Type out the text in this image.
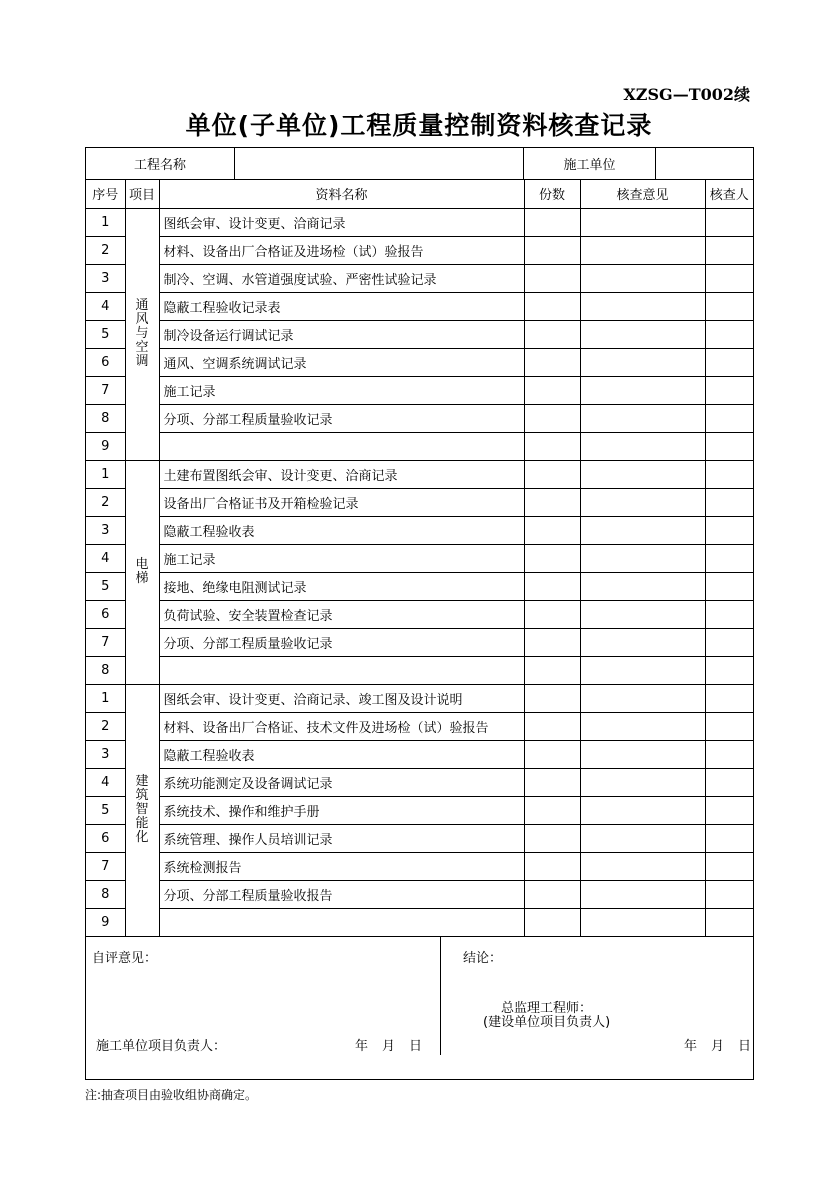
XZSG—T002续
单位(子单位)工程质量控制资料核查记录
工程名称	施工单位
序号	项目	资料名称	份数	核查意见	核查人
1	通风与空调	图纸会审、设计变更、洽商记录			
2		材料、设备出厂合格证及进场检（试）验报告			
3		制冷、空调、水管道强度试验、严密性试验记录			
4		隐蔽工程验收记录表			
5		制冷设备运行调试记录			
6		通风、空调系统调试记录			
7		施工记录			
8		分项、分部工程质量验收记录			
9					
1	电梯	土建布置图纸会审、设计变更、洽商记录			
2		设备出厂合格证书及开箱检验记录			
3		隐蔽工程验收表			
4		施工记录			
5		接地、绝缘电阻测试记录			
6		负荷试验、安全装置检查记录			
7		分项、分部工程质量验收记录			
8					
1	建筑智能化	图纸会审、设计变更、洽商记录、竣工图及设计说明			
2		材料、设备出厂合格证、技术文件及进场检（试）验报告			
3		隐蔽工程验收表			
4		系统功能测定及设备调试记录			
5		系统技术、操作和维护手册			
6		系统管理、操作人员培训记录			
7		系统检测报告			
8		分项、分部工程质量验收报告			
9					
自评意见：
施工单位项目负责人：	年 月 日
结论：
总监理工程师：
(建设单位项目负责人)
年 月 日
注:抽查项目由验收组协商确定。
